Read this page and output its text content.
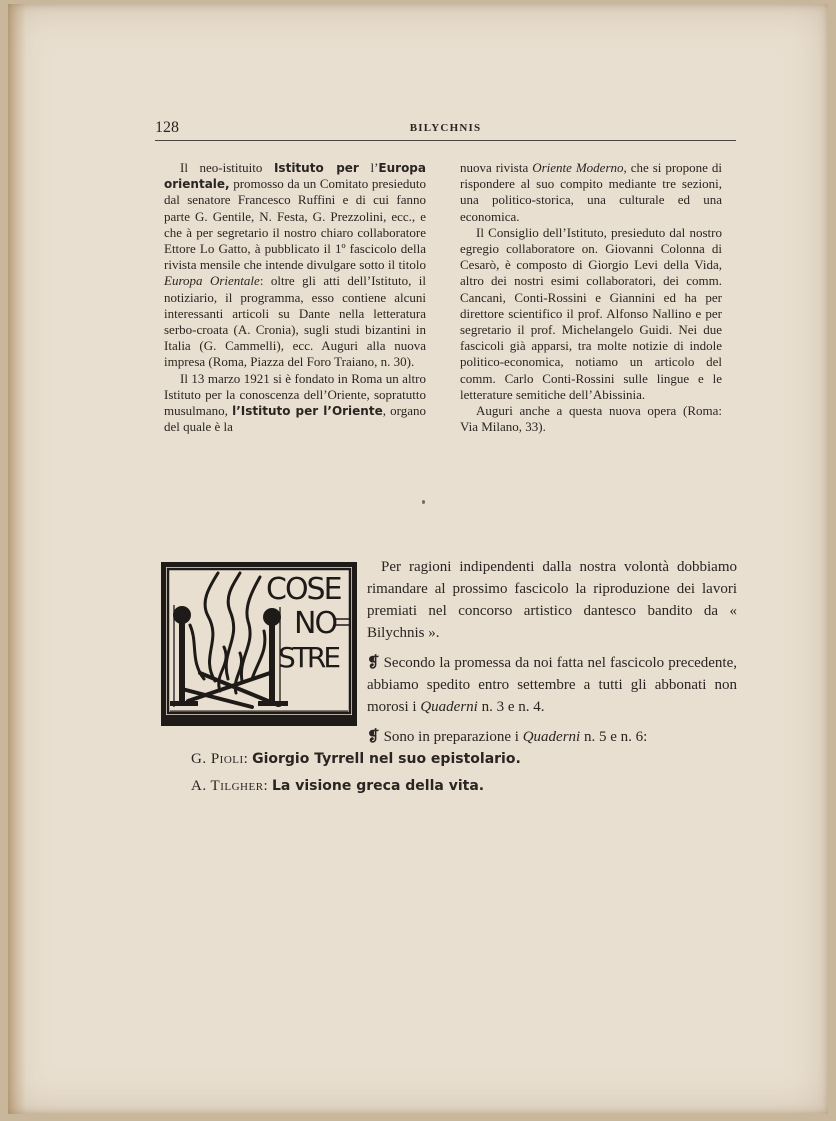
128	BILYCHNIS

Il neo-istituito Istituto per l’Europa orientale, promosso da un Comitato presieduto dal senatore Francesco Ruffini e di cui fanno parte G. Gentile, N. Festa, G. Prezzolini, ecc., e che à per segretario il nostro chiaro collaboratore Ettore Lo Gatto, à pubblicato il 1º fascicolo della rivista mensile che intende divulgare sotto il titolo Europa Orientale: oltre gli atti dell’Istituto, il notiziario, il programma, esso contiene alcuni interessanti articoli su Dante nella letteratura serbo-croata (A. Cronia), sugli studi bizantini in Italia (G. Cammelli), ecc. Auguri alla nuova impresa (Roma, Piazza del Foro Traiano, n. 30).

Il 13 marzo 1921 si è fondato in Roma un altro Istituto per la conoscenza dell’Oriente, sopratutto musulmano, l’Istituto per l’Oriente, organo del quale è la

nuova rivista Oriente Moderno, che si propone di rispondere al suo compito mediante tre sezioni, una politico-storica, una culturale ed una economica.

Il Consiglio dell’Istituto, presieduto dal nostro egregio collaboratore on. Giovanni Colonna di Cesarò, è composto di Giorgio Levi della Vida, altro dei nostri esimi collaboratori, dei comm. Cancani, Conti-Rossini e Giannini ed ha per direttore scientifico il prof. Alfonso Nallino e per segretario il prof. Michelangelo Guidi. Nei due fascicoli già apparsi, tra molte notizie di indole politico-economica, notiamo un articolo del comm. Carlo Conti-Rossini sulle lingue e le letterature semitiche dell’Abissinia.

Auguri anche a questa nuova opera (Roma: Via Milano, 33).

COSE
NO
STRE

Per ragioni indipendenti dalla nostra volontà dobbiamo rimandare al prossimo fascicolo la riproduzione dei lavori premiati nel concorso artistico dantesco bandito da « Bilychnis ».

❡ Secondo la promessa da noi fatta nel fascicolo precedente, abbiamo spedito entro settembre a tutti gli abbonati non morosi i Quaderni n. 3 e n. 4.

❡ Sono in preparazione i Quaderni n. 5 e n. 6:

G. Pioli: Giorgio Tyrrell nel suo epistolario.
A. Tilgher: La visione greca della vita.
